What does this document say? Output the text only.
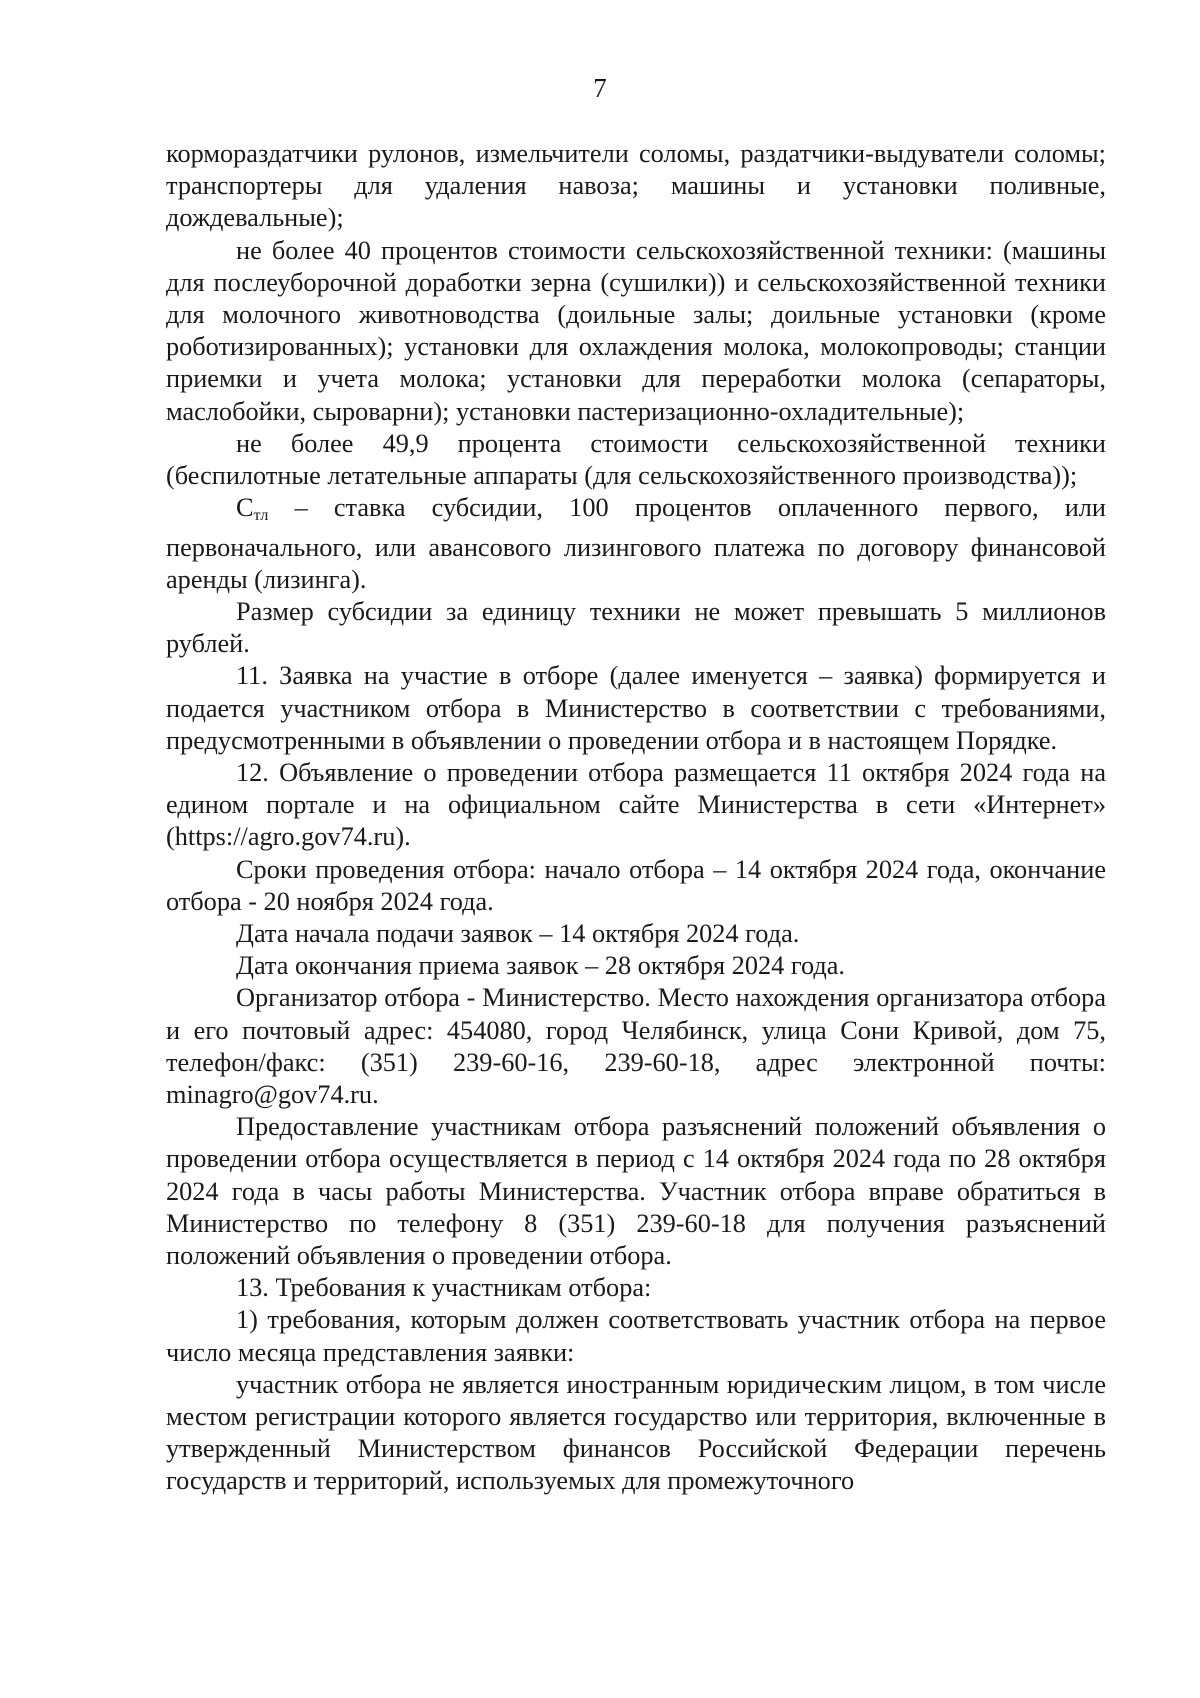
7

кормораздатчики рулонов, измельчители соломы, раздатчики-выдуватели соломы; транспортеры для удаления навоза; машины и установки поливные, дождевальные);

не более 40 процентов стоимости сельскохозяйственной техники: (машины для послеуборочной доработки зерна (сушилки)) и сельскохозяйственной техники для молочного животноводства (доильные залы; доильные установки (кроме роботизированных); установки для охлаждения молока, молокопроводы; станции приемки и учета молока; установки для переработки молока (сепараторы, маслобойки, сыроварни); установки пастеризационно-охладительные);

не более 49,9 процента стоимости сельскохозяйственной техники (беспилотные летательные аппараты (для сельскохозяйственного производства));

$С_{тл}$ – ставка субсидии, 100 процентов оплаченного первого, или первоначального, или авансового лизингового платежа по договору финансовой аренды (лизинга).

Размер субсидии за единицу техники не может превышать 5 миллионов рублей.

11. Заявка на участие в отборе (далее именуется – заявка) формируется и подается участником отбора в Министерство в соответствии с требованиями, предусмотренными в объявлении о проведении отбора и в настоящем Порядке.

12. Объявление о проведении отбора размещается 11 октября 2024 года на едином портале и на официальном сайте Министерства в сети «Интернет» (https://agro.gov74.ru).

Сроки проведения отбора: начало отбора – 14 октября 2024 года, окончание отбора - 20 ноября 2024 года.

Дата начала подачи заявок – 14 октября 2024 года.

Дата окончания приема заявок – 28 октября 2024 года.

Организатор отбора - Министерство. Место нахождения организатора отбора и его почтовый адрес: 454080, город Челябинск, улица Сони Кривой, дом 75, телефон/факс: (351) 239-60-16, 239-60-18, адрес электронной почты: minagro@gov74.ru.

Предоставление участникам отбора разъяснений положений объявления о проведении отбора осуществляется в период с 14 октября 2024 года по 28 октября 2024 года в часы работы Министерства. Участник отбора вправе обратиться в Министерство по телефону 8 (351) 239-60-18 для получения разъяснений положений объявления о проведении отбора.

13. Требования к участникам отбора:

1) требования, которым должен соответствовать участник отбора на первое число месяца представления заявки:

участник отбора не является иностранным юридическим лицом, в том числе местом регистрации которого является государство или территория, включенные в утвержденный Министерством финансов Российской Федерации перечень государств и территорий, используемых для промежуточного
